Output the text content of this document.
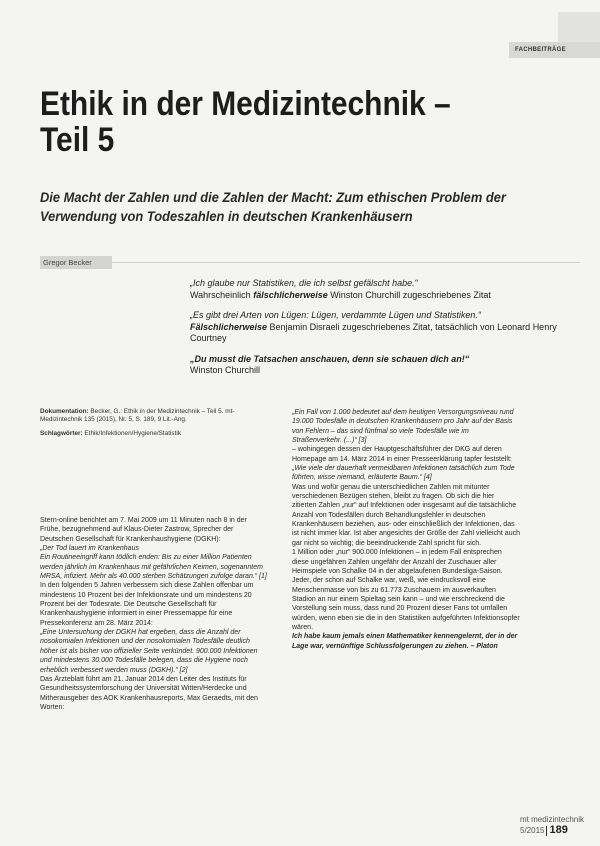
FACHBEITRÄGE
Ethik in der Medizintechnik –
Teil 5

Die Macht der Zahlen und die Zahlen der Macht: Zum ethischen Problem der Verwendung von Todeszahlen in deutschen Krankenhäusern

Gregor Becker

„Ich glaube nur Statistiken, die ich selbst gefälscht habe.“
Wahrscheinlich fälschlicherweise Winston Churchill zugeschriebenes Zitat

„Es gibt drei Arten von Lügen: Lügen, verdammte Lügen und Statistiken.“
Fälschlicherweise Benjamin Disraeli zugeschriebenes Zitat, tatsächlich von Leonard Henry Courtney

„Du musst die Tatsachen anschauen, denn sie schauen dich an!“
Winston Churchill

Dokumentation: Becker, G.: Ethik in der Medizintechnik – Teil 5. mt-Medizintechnik 135 (2015), Nr. 5, S. 189, 9 Lit.-Ang.

Schlagwörter: Ethik/Infektionen/Hygiene/Statistik

Stern-online berichtet am 7. Mai 2009 um 11 Minuten nach 8 in der Frühe, bezugnehmend auf Klaus-Dieter Zastrow, Sprecher der Deutschen Gesellschaft für Krankenhaushygiene (DGKH):

„Der Tod lauert im Krankenhaus

Ein Routineeingriff kann tödlich enden: Bis zu einer Million Patienten werden jährlich im Krankenhaus mit gefährlichen Keimen, sogenanntem MRSA, infiziert. Mehr als 40.000 sterben Schätzungen zufolge daran.“ [1]

In den folgenden 5 Jahren verbessern sich diese Zahlen offenbar um mindestens 10 Prozent bei der Infektionsrate und um mindestens 20 Prozent bei der Todesrate. Die Deutsche Gesellschaft für Krankenhaushygiene informiert in einer Pressemappe für eine Pressekonferenz am 28. März 2014:

„Eine Untersuchung der DGKH hat ergeben, dass die Anzahl der nosokomialen Infektionen und der nosokomialen Todesfälle deutlich höher ist als bisher von offizieller Seite verkündet. 900.000 Infektionen und mindestens 30.000 Todesfälle belegen, dass die Hygiene noch erheblich verbessert werden muss (DGKH).“ [2]

Das Ärzteblatt führt am 21. Januar 2014 den Leiter des Instituts für Gesundheitssystemforschung der Universität Witten/Herdecke und Mitherausgeber des AOK Krankenhausreports, Max Geraedts, mit den Worten:

„Ein Fall von 1.000 bedeutet auf dem heutigen Versorgungsniveau rund 19.000 Todesfälle in deutschen Krankenhäusern pro Jahr auf der Basis von Fehlern – das sind fünfmal so viele Todesfälle wie im Straßenverkehr. (...)“ [3]

– wohingegen dessen der Hauptgeschäftsführer der DKG auf deren Homepage am 14. März 2014 in einer Presseerklärung tapfer feststellt:

„Wie viele der dauerhaft vermeidbaren Infektionen tatsächlich zum Tode führten, wisse niemand, erläuterte Baum.“ [4]

Was und wofür genau die unterschiedlichen Zahlen mit mitunter verschiedenen Bezügen stehen, bleibt zu fragen. Ob sich die hier zitierten Zahlen „nur“ auf Infektionen oder insgesamt auf die tatsächliche Anzahl von Todesfällen durch Behandlungsfehler in deutschen Krankenhäusern beziehen, aus- oder einschließlich der Infektionen, das ist nicht immer klar. Ist aber angesichts der Größe der Zahl vielleicht auch gar nicht so wichtig; die beeindruckende Zahl spricht für sich.

1 Million oder „nur“ 900.000 Infektionen – in jedem Fall entsprechen diese ungefähren Zahlen ungefähr der Anzahl der Zuschauer aller Heimspiele von Schalke 04 in der abgelaufenen Bundesliga-Saison. Jeder, der schon auf Schalke war, weiß, wie eindrucksvoll eine Menschenmasse von bis zu 61.773 Zuschauern im ausverkauften Stadion an nur einem Spieltag sein kann – und wie erschreckend die Vorstellung sein muss, dass rund 20 Prozent dieser Fans tot umfallen würden, wenn eben sie die in den Statistiken aufgeführten Infektionsopfer wären.

Ich habe kaum jemals einen Mathematiker kennengelernt, der in der Lage war, vernünftige Schlussfolgerungen zu ziehen. – Platon

mt medizintechnik 5/2015 189
